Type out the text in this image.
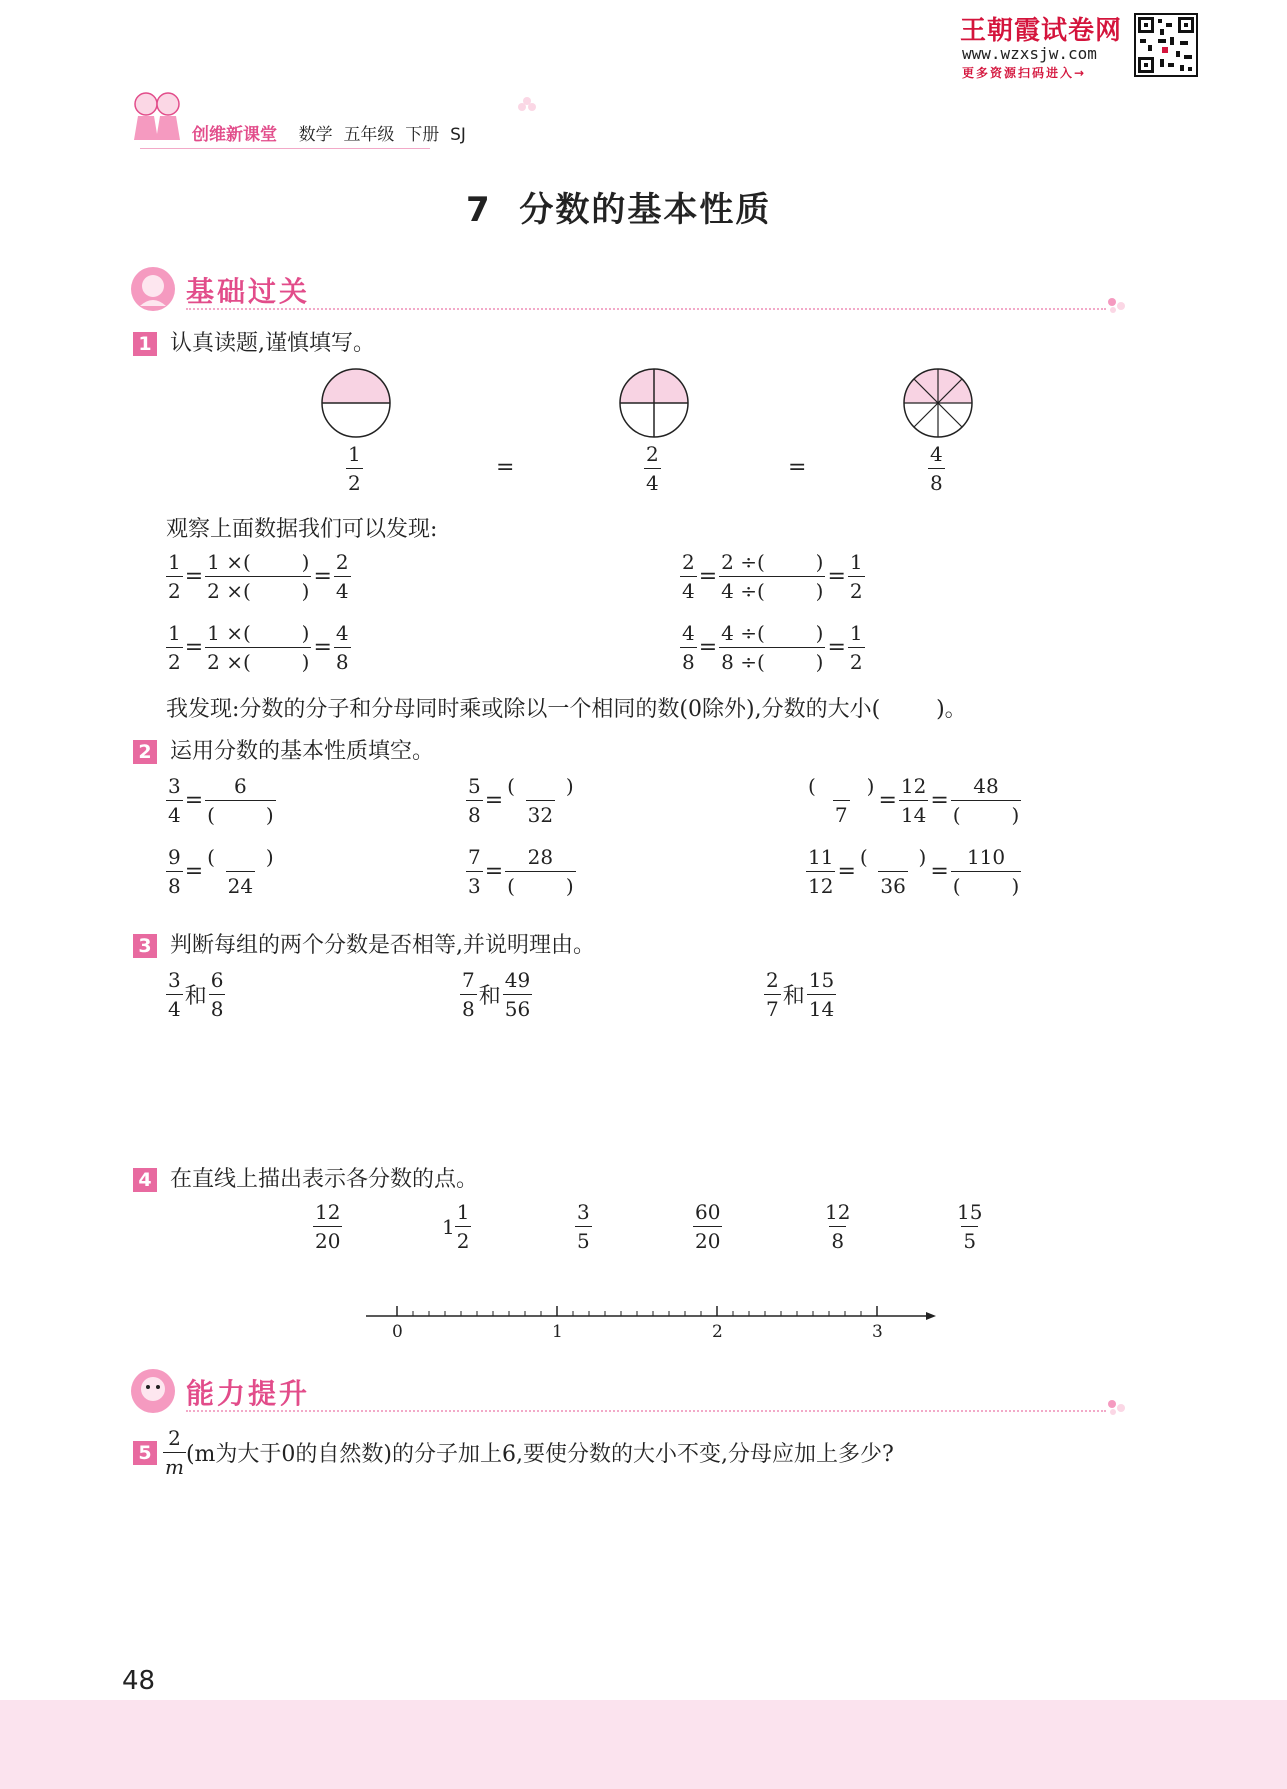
王朝霞试卷网
www.wzxsjw.com
更多资源扫码进入→
创维新课堂 数学 五年级 下册 SJ
7  分数的基本性质
基础过关
1 认真读题,谨慎填写。
$\frac{1}{2}$	=	$\frac{2}{4}$	=	$\frac{4}{8}$
观察上面数据我们可以发现:
$\frac{1}{2} = \frac{1 \times( )}{2 \times( )} = \frac{2}{4}$	$\frac{2}{4} = \frac{2 \div( )}{4 \div( )} = \frac{1}{2}$
$\frac{1}{2} = \frac{1 \times( )}{2 \times( )} = \frac{4}{8}$	$\frac{4}{8} = \frac{4 \div( )}{8 \div( )} = \frac{1}{2}$
我发现:分数的分子和分母同时乘或除以一个相同的数(0除外),分数的大小(        )。
2 运用分数的基本性质填空。
$\frac{3}{4} = \frac{6}{( )}$	$\frac{5}{8} = \frac{( )}{32}$	$\frac{( )}{7} = \frac{12}{14} = \frac{48}{( )}$
$\frac{9}{8} = \frac{( )}{24}$	$\frac{7}{3} = \frac{28}{( )}$	$\frac{11}{12} = \frac{( )}{36} = \frac{110}{( )}$
3 判断每组的两个分数是否相等,并说明理由。
$\frac{3}{4}$ 和 $\frac{6}{8}$	$\frac{7}{8}$ 和 $\frac{49}{56}$	$\frac{2}{7}$ 和 $\frac{15}{14}$
4 在直线上描出表示各分数的点。
$\frac{12}{20}$	$1 \frac{1}{2}$	$\frac{3}{5}$	$\frac{60}{20}$	$\frac{12}{8}$	$\frac{15}{5}$
0	1	2	3
能力提升
$5 \frac{2}{m} (m$为大于0的自然数)的分子加上6,要使分数的大小不变,分母应加上多少?
48
